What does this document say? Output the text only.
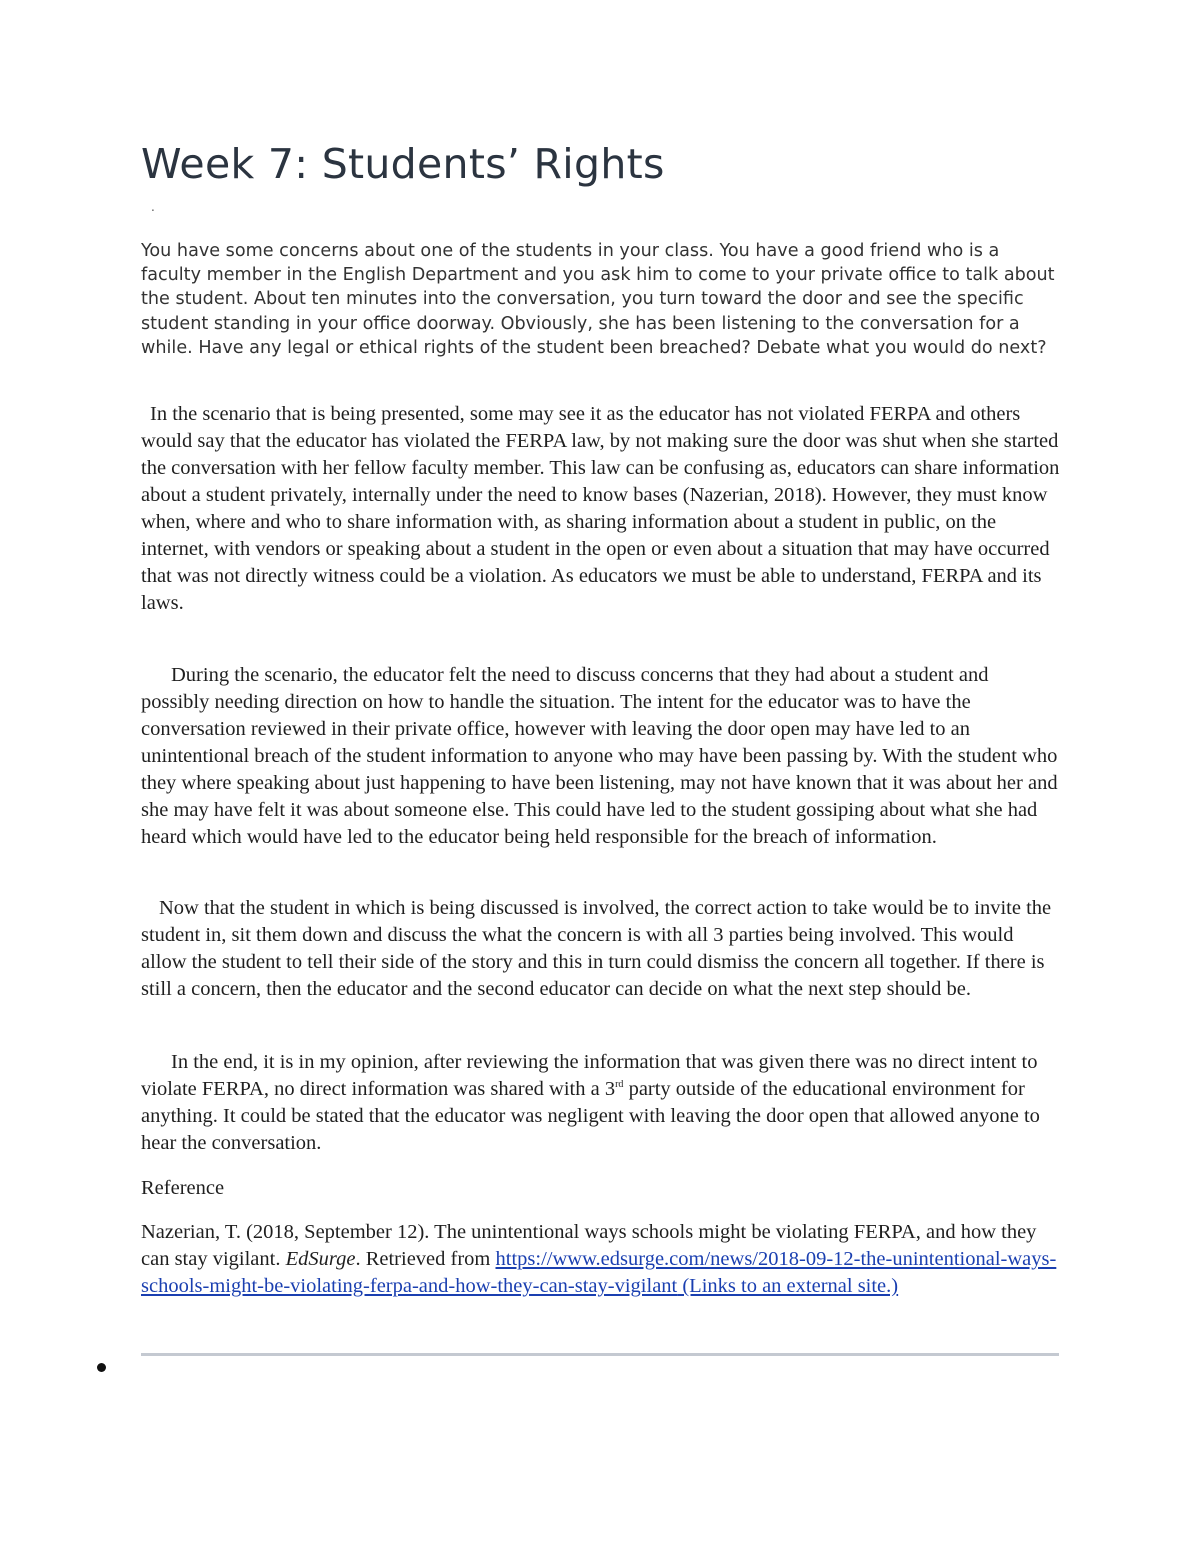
Week 7: Students’ Rights
.

You have some concerns about one of the students in your class. You have a good friend who is a faculty member in the English Department and you ask him to come to your private office to talk about the student. About ten minutes into the conversation, you turn toward the door and see the specific student standing in your office doorway. Obviously, she has been listening to the conversation for a while. Have any legal or ethical rights of the student been breached? Debate what you would do next?

In the scenario that is being presented, some may see it as the educator has not violated FERPA and others would say that the educator has violated the FERPA law, by not making sure the door was shut when she started the conversation with her fellow faculty member. This law can be confusing as, educators can share information about a student privately, internally under the need to know bases (Nazerian, 2018). However, they must know when, where and who to share information with, as sharing information about a student in public, on the internet, with vendors or speaking about a student in the open or even about a situation that may have occurred that was not directly witness could be a violation. As educators we must be able to understand, FERPA and its laws.

During the scenario, the educator felt the need to discuss concerns that they had about a student and possibly needing direction on how to handle the situation. The intent for the educator was to have the conversation reviewed in their private office, however with leaving the door open may have led to an unintentional breach of the student information to anyone who may have been passing by. With the student who they where speaking about just happening to have been listening, may not have known that it was about her and she may have felt it was about someone else. This could have led to the student gossiping about what she had heard which would have led to the educator being held responsible for the breach of information.

Now that the student in which is being discussed is involved, the correct action to take would be to invite the student in, sit them down and discuss the what the concern is with all 3 parties being involved. This would allow the student to tell their side of the story and this in turn could dismiss the concern all together. If there is still a concern, then the educator and the second educator can decide on what the next step should be.

In the end, it is in my opinion, after reviewing the information that was given there was no direct intent to violate FERPA, no direct information was shared with a 3rd party outside of the educational environment for anything. It could be stated that the educator was negligent with leaving the door open that allowed anyone to hear the conversation.

Reference

Nazerian, T. (2018, September 12). The unintentional ways schools might be violating FERPA, and how they can stay vigilant. EdSurge. Retrieved from https://www.edsurge.com/news/2018-09-12-the-unintentional-ways-schools-might-be-violating-ferpa-and-how-they-can-stay-vigilant (Links to an external site.)
